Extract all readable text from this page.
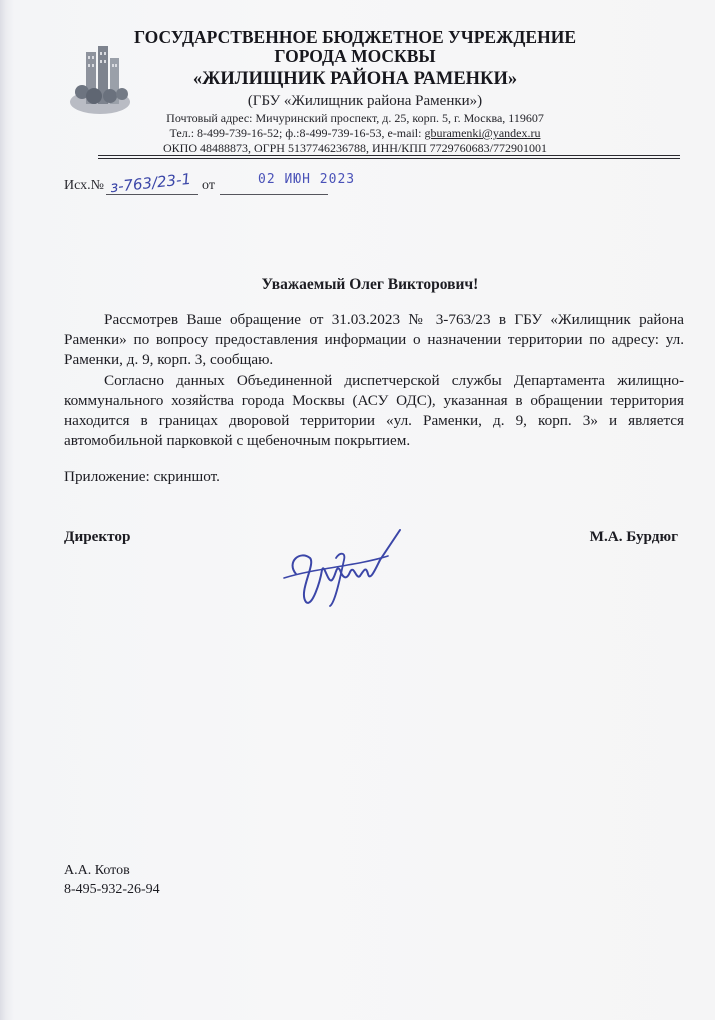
ГОСУДАРСТВЕННОЕ БЮДЖЕТНОЕ УЧРЕЖДЕНИЕ
ГОРОДА МОСКВЫ
«ЖИЛИЩНИК РАЙОНА РАМЕНКИ»
(ГБУ «Жилищник района Раменки»)
Почтовый адрес: Мичуринский проспект, д. 25, корп. 5, г. Москва, 119607
Тел.: 8-499-739-16-52; ф.:8-499-739-16-53, e-mail: gburamenki@yandex.ru
ОКПО 48488873, ОГРН 5137746236788, ИНН/КПП 7729760683/772901001
Исх.№ з-763/23-1 от	02 ИЮН 2023
Уважаемый Олег Викторович!

Рассмотрев Ваше обращение от 31.03.2023 № 3-763/23 в ГБУ «Жилищник района Раменки» по вопросу предоставления информации о назначении территории по адресу: ул. Раменки, д. 9, корп. 3, сообщаю.

Согласно данных Объединенной диспетчерской службы Департамента жилищно-коммунального хозяйства города Москвы (АСУ ОДС), указанная в обращении территория находится в границах дворовой территории «ул. Раменки, д. 9, корп. 3» и является автомобильной парковкой с щебеночным покрытием.

Приложение: скриншот.
Директор	М.А. Бурдюг
А.А. Котов
8-495-932-26-94
